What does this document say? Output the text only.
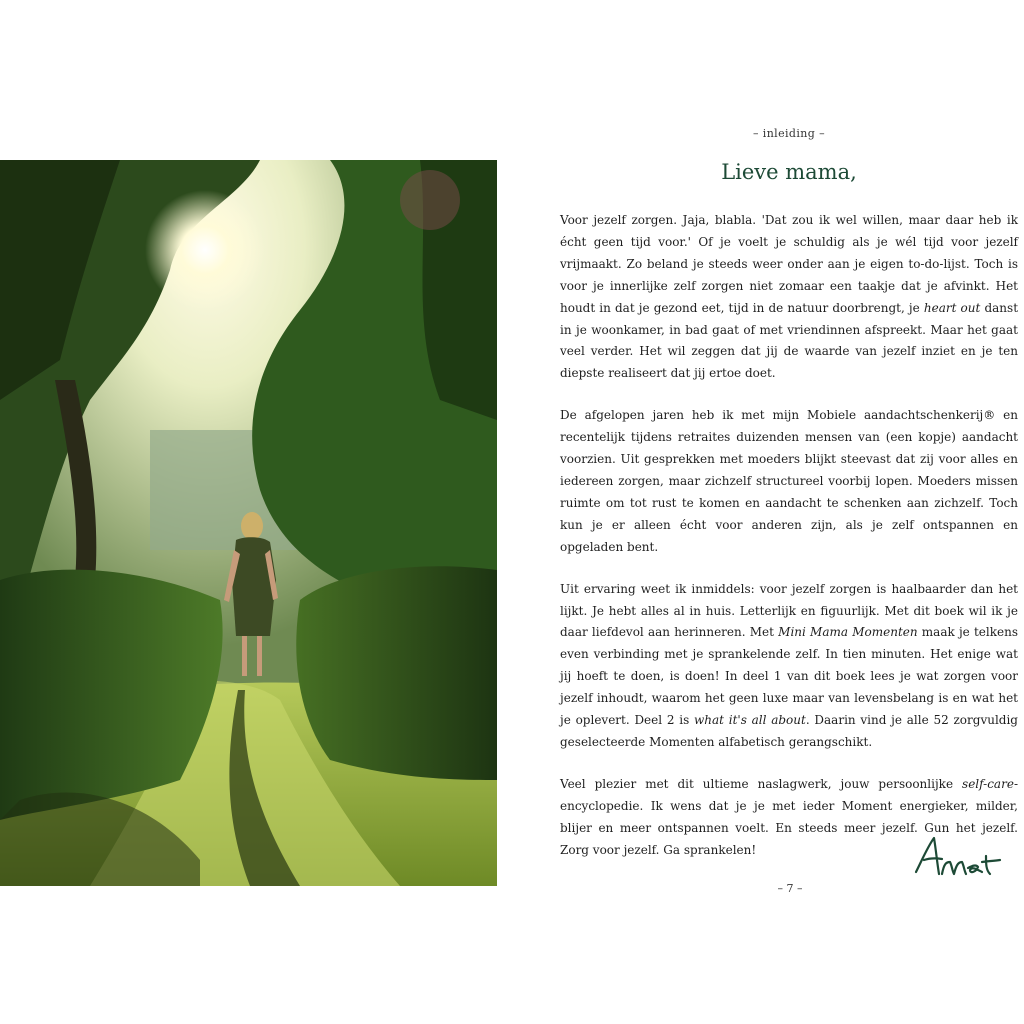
– inleiding –
Lieve mama,

Voor jezelf zorgen. Jaja, blabla. 'Dat zou ik wel willen, maar daar heb ik écht geen tijd voor.' Of je voelt je schuldig als je wél tijd voor jezelf vrijmaakt. Zo beland je steeds weer onder aan je eigen to-do-lijst. Toch is voor je innerlijke zelf zorgen niet zomaar een taakje dat je afvinkt. Het houdt in dat je gezond eet, tijd in de natuur doorbrengt, je heart out danst in je woonkamer, in bad gaat of met vriendinnen afspreekt. Maar het gaat veel verder. Het wil zeggen dat jij de waarde van jezelf inziet en je ten diepste realiseert dat jij ertoe doet.

De afgelopen jaren heb ik met mijn Mobiele aandachtschenkerij® en recentelijk tijdens retraites duizenden mensen van (een kopje) aandacht voorzien. Uit gesprekken met moeders blijkt steevast dat zij voor alles en iedereen zorgen, maar zichzelf structureel voorbij lopen. Moeders missen ruimte om tot rust te komen en aandacht te schenken aan zichzelf. Toch kun je er alleen écht voor anderen zijn, als je zelf ontspannen en opgeladen bent.

Uit ervaring weet ik inmiddels: voor jezelf zorgen is haalbaarder dan het lijkt. Je hebt alles al in huis. Letterlijk en figuurlijk. Met dit boek wil ik je daar liefdevol aan herinneren. Met Mini Mama Momenten maak je telkens even verbinding met je sprankelende zelf. In tien minuten. Het enige wat jij hoeft te doen, is doen! In deel 1 van dit boek lees je wat zorgen voor jezelf inhoudt, waarom het geen luxe maar van levensbelang is en wat het je oplevert. Deel 2 is what it's all about. Daarin vind je alle 52 zorgvuldig geselecteerde Momenten alfabetisch gerangschikt.

Veel plezier met dit ultieme naslagwerk, jouw persoonlijke self-care-encyclopedie. Ik wens dat je je met ieder Moment energieker, milder, blijer en meer ontspannen voelt. En steeds meer jezelf. Gun het jezelf. Zorg voor jezelf. Ga sprankelen!

– 7 –
